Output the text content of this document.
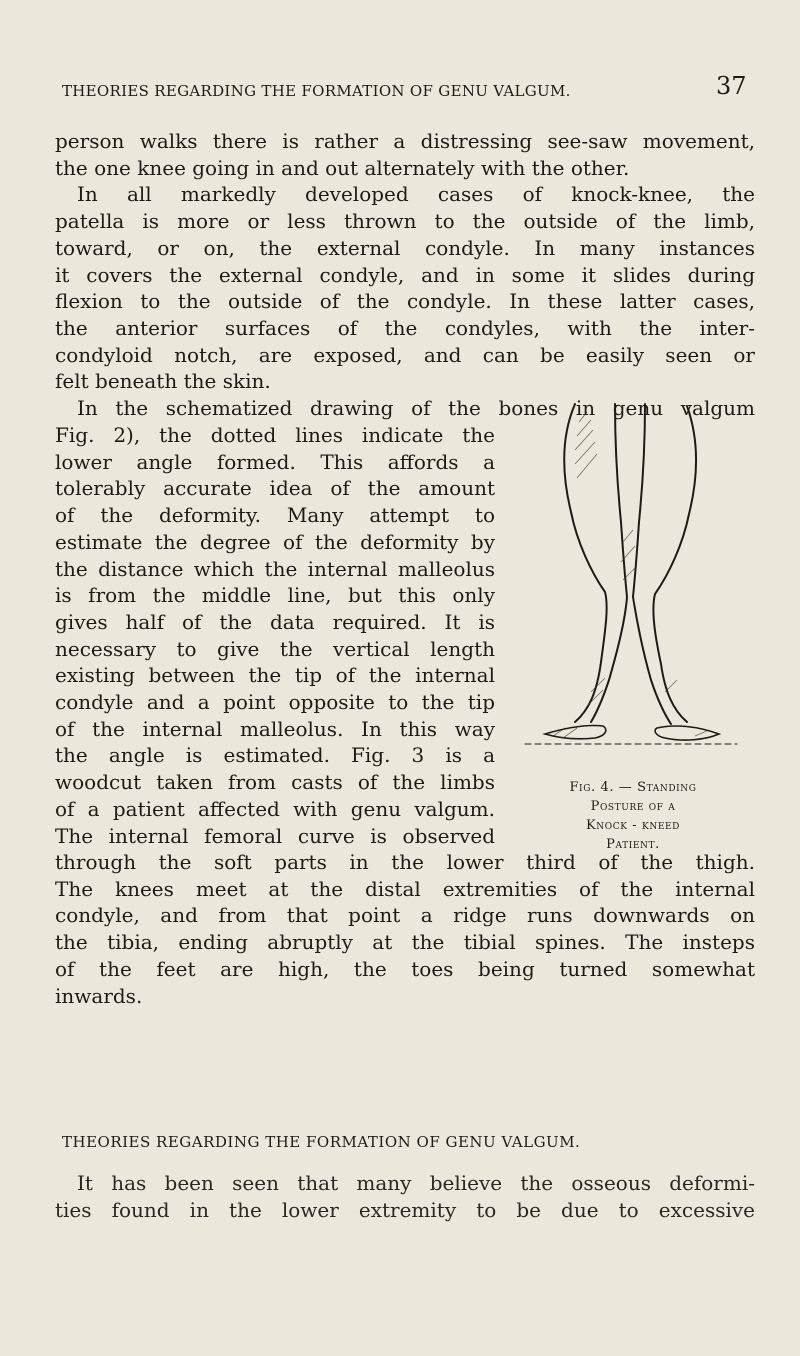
THEORIES REGARDING THE FORMATION OF GENU VALGUM.	37
person walks there is rather a distressing see-saw movement,
the one knee going in and out alternately with the other.
In all markedly developed cases of knock-knee, the
patella is more or less thrown to the outside of the limb,
toward, or on, the external condyle. In many instances
it covers the external condyle, and in some it slides during
flexion to the outside of the condyle. In these latter cases,
the anterior surfaces of the condyles, with the inter-
condyloid notch, are exposed, and can be easily seen or
felt beneath the skin.
In the schematized drawing of the bones in genu valgum
Fig. 2), the dotted lines indicate the
lower angle formed. This affords a
tolerably accurate idea of the amount
of the deformity. Many attempt to
estimate the degree of the deformity by
the distance which the internal malleolus
is from the middle line, but this only
gives half of the data required. It is
necessary to give the vertical length
existing between the tip of the internal
condyle and a point opposite to the tip
of the internal malleolus. In this way
the angle is estimated. Fig. 3 is a
woodcut taken from casts of the limbs
of a patient affected with genu valgum.
The internal femoral curve is observed
Fig. 4. — Standing
Posture of a
Knock - kneed
Patient.
through the soft parts in the lower third of the thigh.
The knees meet at the distal extremities of the internal
condyle, and from that point a ridge runs downwards on
the tibia, ending abruptly at the tibial spines. The insteps
of the feet are high, the toes being turned somewhat
inwards.
THEORIES REGARDING THE FORMATION OF GENU VALGUM.
It has been seen that many believe the osseous deformi-
ties found in the lower extremity to be due to excessive
